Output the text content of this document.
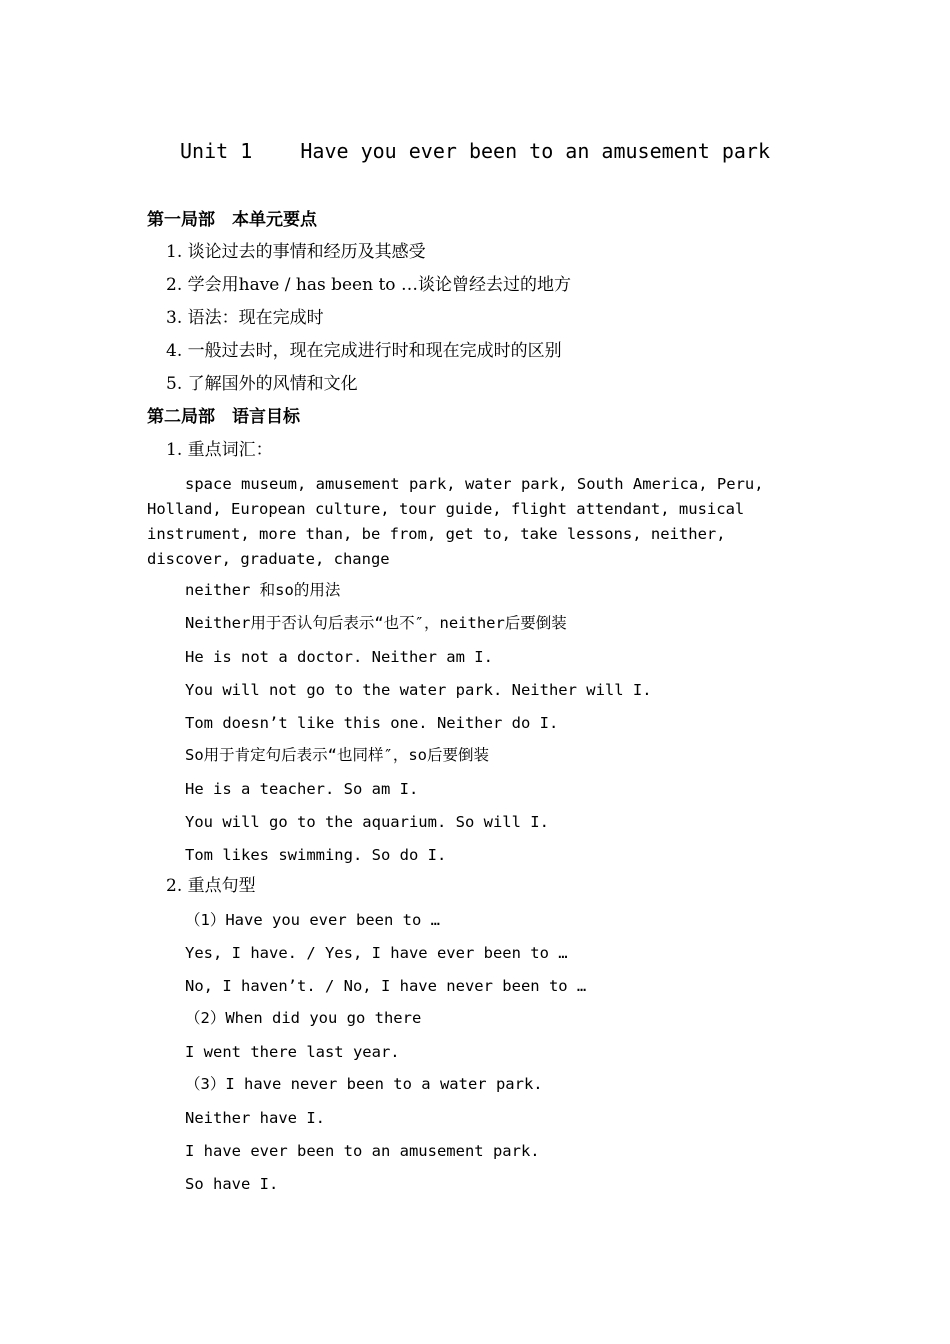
Unit 1    Have you ever been to an amusement park
第一局部　本单元要点
1. 谈论过去的事情和经历及其感受
2. 学会用have / has been to …谈论曾经去过的地方
3. 语法：现在完成时
4. 一般过去时，现在完成进行时和现在完成时的区别
5. 了解国外的风情和文化
第二局部　语言目标
1. 重点词汇：
space museum, amusement park, water park, South America, Peru, Holland, European culture, tour guide, flight attendant, musical instrument, more than, be from, get to, take lessons, neither, discover, graduate, change
neither 和so的用法
Neither用于否认句后表示“也不″，neither后要倒装
He is not a doctor. Neither am I.
You will not go to the water park. Neither will I.
Tom doesn’t like this one. Neither do I.
So用于肯定句后表示“也同样″，so后要倒装
He is a teacher. So am I.
You will go to the aquarium. So will I.
Tom likes swimming. So do I.
2. 重点句型
（1）Have you ever been to …
Yes, I have. / Yes, I have ever been to …
No, I haven’t. / No, I have never been to …
（2）When did you go there
I went there last year.
（3）I have never been to a water park.
Neither have I.
I have ever been to an amusement park.
So have I.
